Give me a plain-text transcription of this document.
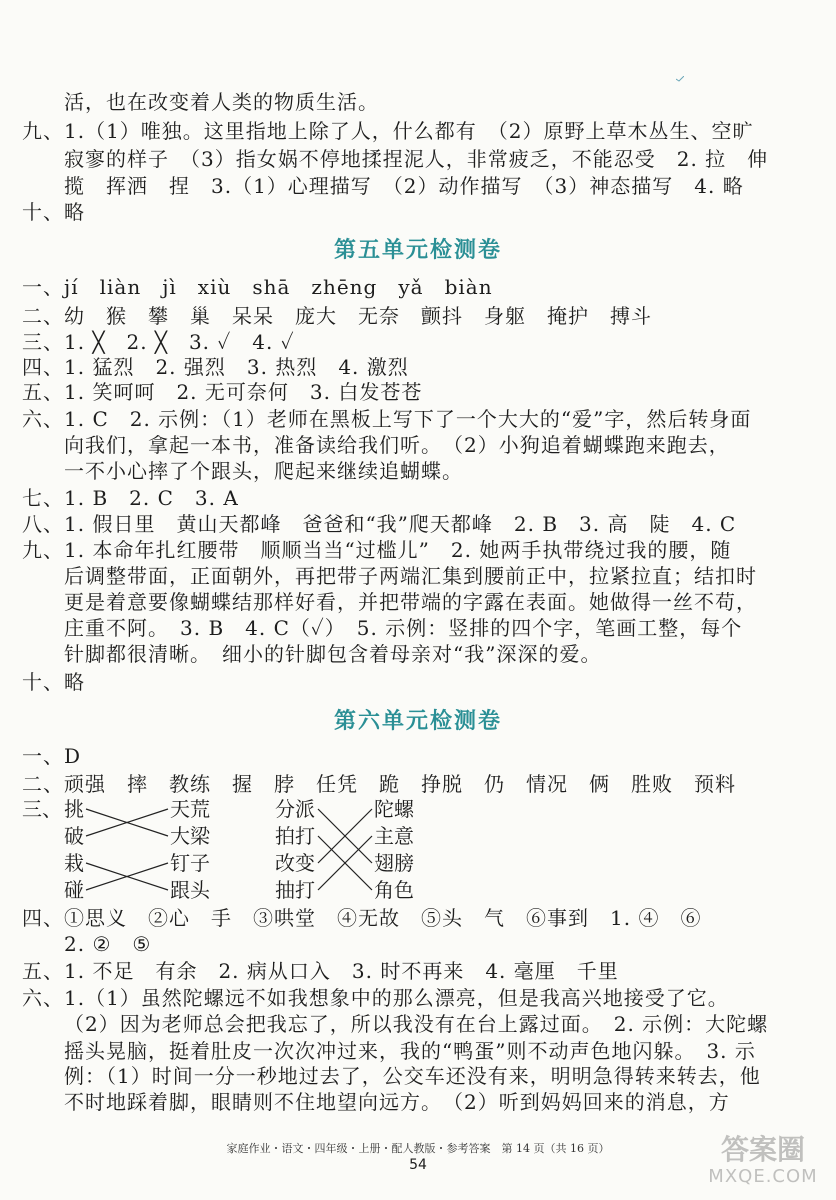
活，也在改变着人类的物质生活。
九、1.（1）唯独。这里指地上除了人，什么都有　（2）原野上草木丛生、空旷
寂寥的样子　（3）指女娲不停地揉捏泥人，非常疲乏，不能忍受　2. 拉　伸
揽　挥洒　捏　3.（1）心理描写　（2）动作描写　（3）神态描写　4. 略
十、略
第五单元检测卷
一、jí　liàn　jì　xiù　shā　zhēng　yǎ　biàn
二、幼　猴　攀　巢　呆呆　庞大　无奈　颤抖　身躯　掩护　搏斗
三、1. ╳　2. ╳　3. ✓　4. ✓
四、1. 猛烈　2. 强烈　3. 热烈　4. 激烈
五、1. 笑呵呵　2. 无可奈何　3. 白发苍苍
六、1. C　2. 示例：（1）老师在黑板上写下了一个大大的“爱”字，然后转身面
向我们，拿起一本书，准备读给我们听。　（2）小狗追着蝴蝶跑来跑去，
一不小心摔了个跟头，爬起来继续追蝴蝶。
七、1. B　2. C　3. A
八、1. 假日里　黄山天都峰　爸爸和“我”爬天都峰　2. B　3. 高　陡　4. C
九、1. 本命年扎红腰带　顺顺当当“过槛儿”　2. 她两手执带绕过我的腰，随
后调整带面，正面朝外，再把带子两端汇集到腰前正中，拉紧拉直；结扣时
更是着意要像蝴蝶结那样好看，并把带端的字露在表面。她做得一丝不苟，
庄重不阿。　3. B　4. C（✓）　5. 示例：竖排的四个字，笔画工整，每个
针脚都很清晰。　细小的针脚包含着母亲对“我”深深的爱。
十、略
第六单元检测卷
一、D
二、顽强　摔　教练　握　脖　任凭　跪　挣脱　仍　情况　俩　胜败　预料
三、 挑
破
栽
碰
天荒
大梁
钉子
跟头
分派
拍打
改变
抽打
陀螺
主意
翅膀
角色
四、①思义　②心　手　③哄堂　④无故　⑤头　气　⑥事到　1. ④　⑥
2. ②　⑤
五、1. 不足　有余　2. 病从口入　3. 时不再来　4. 毫厘　千里
六、1.（1）虽然陀螺远不如我想象中的那么漂亮，但是我高兴地接受了它。
（2）因为老师总会把我忘了，所以我没有在台上露过面。　2. 示例：大陀螺
摇头晃脑，挺着肚皮一次次冲过来，我的“鸭蛋”则不动声色地闪躲。　3. 示
例：（1）时间一分一秒地过去了，公交车还没有来，明明急得转来转去，他
不时地踩着脚，眼睛则不住地望向远方。　（2）听到妈妈回来的消息，方
家庭作业・语文・四年级・上册・配人教版・参考答案　第 14 页（共 16 页）
54	答案圈
MXQE.COM
